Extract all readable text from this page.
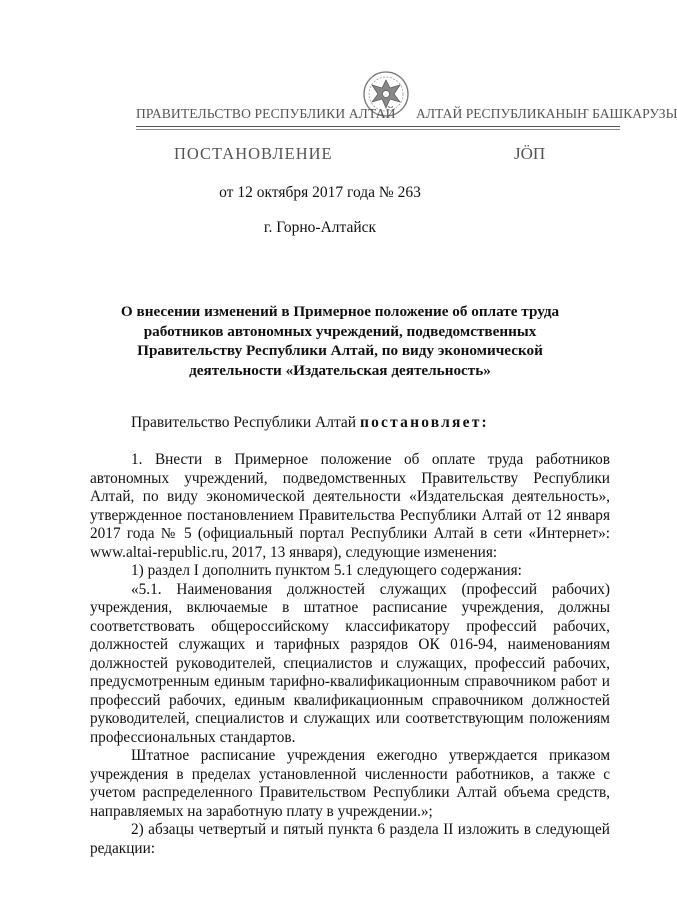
ПРАВИТЕЛЬСТВО РЕСПУБЛИКИ АЛТАЙ АЛТАЙ РЕСПУБЛИКАНЫҤ БАШКАРУЗЫ
ПОСТАНОВЛЕНИЕ	ЈӦП
от 12 октября 2017 года № 263
г. Горно-Алтайск
О внесении изменений в Примерное положение об оплате труда работников автономных учреждений, подведомственных Правительству Республики Алтай, по виду экономической деятельности «Издательская деятельность»
Правительство Республики Алтай постановляет:

1. Внести в Примерное положение об оплате труда работников автономных учреждений, подведомственных Правительству Республики Алтай, по виду экономической деятельности «Издательская деятельность», утвержденное постановлением Правительства Республики Алтай от 12 января 2017 года № 5 (официальный портал Республики Алтай в сети «Интернет»: www.altai-republic.ru, 2017, 13 января), следующие изменения:

1) раздел I дополнить пунктом 5.1 следующего содержания:

«5.1. Наименования должностей служащих (профессий рабочих) учреждения, включаемые в штатное расписание учреждения, должны соответствовать общероссийскому классификатору профессий рабочих, должностей служащих и тарифных разрядов ОК 016-94, наименованиям должностей руководителей, специалистов и служащих, профессий рабочих, предусмотренным единым тарифно-квалификационным справочником работ и профессий рабочих, единым квалификационным справочником должностей руководителей, специалистов и служащих или соответствующим положениям профессиональных стандартов.

Штатное расписание учреждения ежегодно утверждается приказом учреждения в пределах установленной численности работников, а также с учетом распределенного Правительством Республики Алтай объема средств, направляемых на заработную плату в учреждении.»;

2) абзацы четвертый и пятый пункта 6 раздела II изложить в следующей редакции:
